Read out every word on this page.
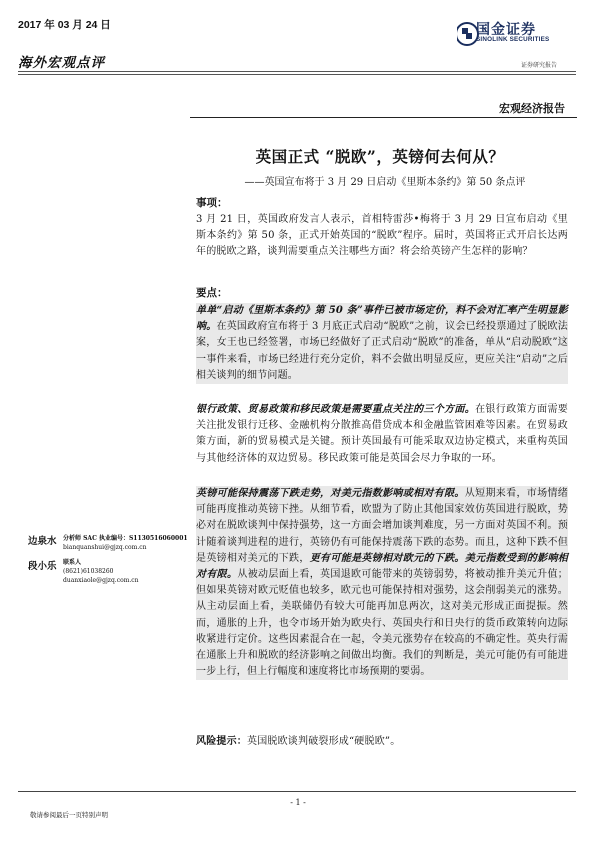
2017 年 03 月 24 日
海外宏观点评
国金证券
SINOLINK SECURITIES
证券研究报告
宏观经济报告
英国正式 “脱欧”，英镑何去何从？
——英国宣布将于 3 月 29 日启动《里斯本条约》第 50 条点评
事项：

3 月 21 日，英国政府发言人表示，首相特雷莎•梅将于 3 月 29 日宣布启动《里斯本条约》第 50 条，正式开始英国的“脱欧”程序。届时，英国将正式开启长达两年的脱欧之路，谈判需要重点关注哪些方面？将会给英镑产生怎样的影响？

要点：

单单“启动《里斯本条约》第 50 条”事件已被市场定价，料不会对汇率产生明显影响。在英国政府宣布将于 3 月底正式启动“脱欧”之前，议会已经投票通过了脱欧法案，女王也已经签署，市场已经做好了正式启动“脱欧”的准备，单从“启动脱欧”这一事件来看，市场已经进行充分定价，料不会做出明显反应，更应关注“启动”之后相关谈判的细节问题。

银行政策、贸易政策和移民政策是需要重点关注的三个方面。在银行政策方面需要关注批发银行迁移、金融机构分散推高借贷成本和金融监管困难等因素。在贸易政策方面，新的贸易模式是关键。预计英国最有可能采取双边协定模式，来重构英国与其他经济体的双边贸易。移民政策可能是英国会尽力争取的一环。

英镑可能保持震荡下跌走势，对美元指数影响或相对有限。从短期来看，市场情绪可能再度推动英镑下挫。从细节看，欧盟为了防止其他国家效仿英国进行脱欧，势必对在脱欧谈判中保持强势，这一方面会增加谈判难度，另一方面对英国不利。预计随着谈判进程的进行，英镑仍有可能保持震荡下跌的态势。而且，这种下跌不但是英镑相对美元的下跌，更有可能是英镑相对欧元的下跌。美元指数受到的影响相对有限。从被动层面上看，英国退欧可能带来的英镑弱势，将被动推升美元升值；但如果英镑对欧元贬值也较多，欧元也可能保持相对强势，这会削弱美元的涨势。从主动层面上看，美联储仍有较大可能再加息两次，这对美元形成正面提振。然而，通胀的上升，也令市场开始为欧央行、英国央行和日央行的货币政策转向边际收紧进行定价。这些因素混合在一起，令美元涨势存在较高的不确定性。英央行需在通胀上升和脱欧的经济影响之间做出均衡。我们的判断是，美元可能仍有可能进一步上行，但上行幅度和速度将比市场预期的要弱。

风险提示：英国脱欧谈判破裂形成“硬脱欧”。

边泉水 分析师 SAC 执业编号：S1130516060001
bianquanshui@gjzq.com.cn
段小乐 联系人
(8621)61038260
duanxiaole@gjzq.com.cn
- 1 -
敬请参阅最后一页特别声明
